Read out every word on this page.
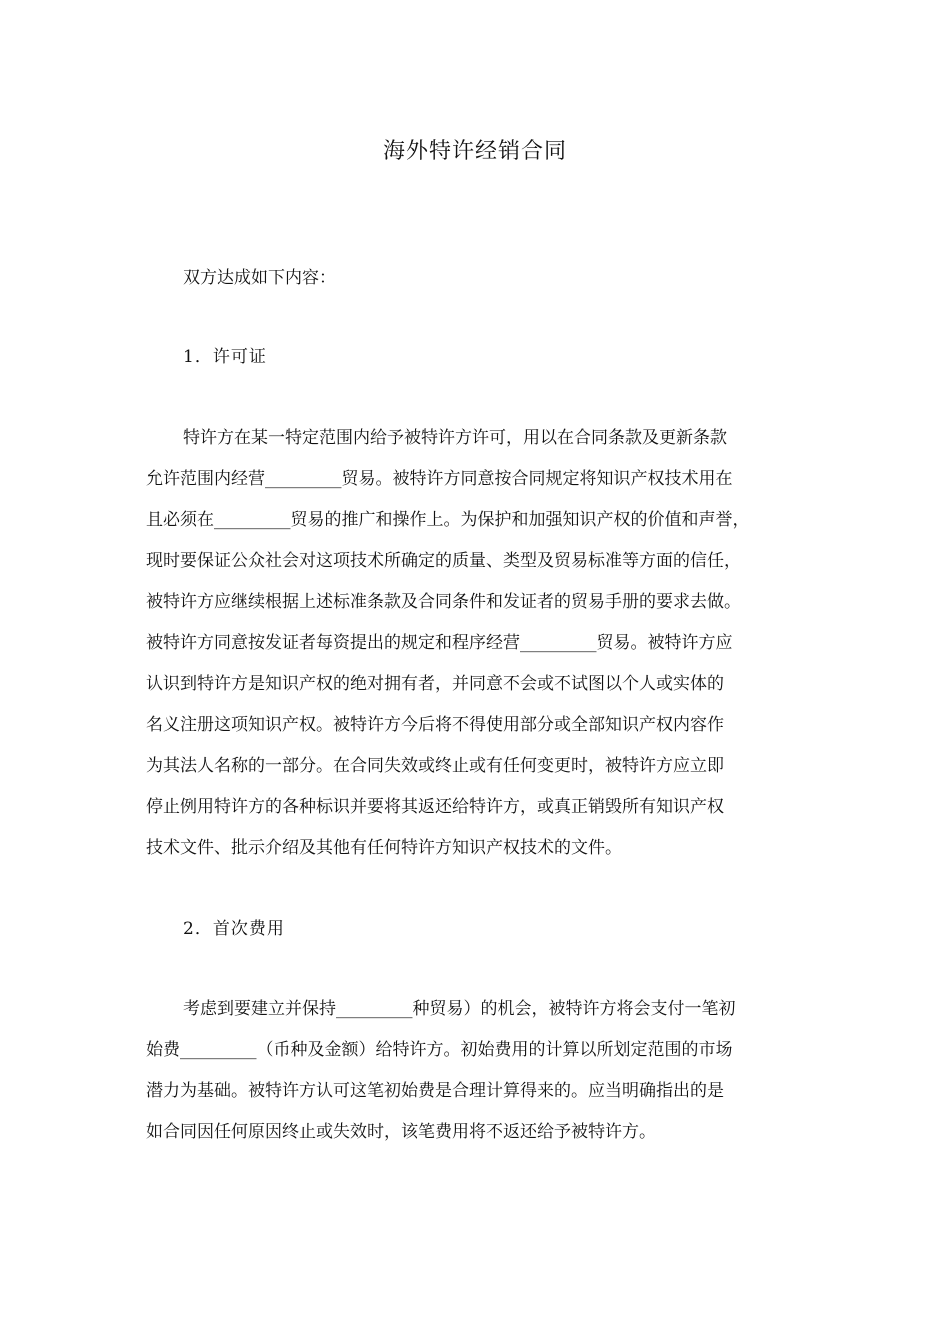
海外特许经销合同
双方达成如下内容：
1．许可证
特许方在某一特定范围内给予被特许方许可，用以在合同条款及更新条款
允许范围内经营_________贸易。被特许方同意按合同规定将知识产权技术用在
且必须在_________贸易的推广和操作上。为保护和加强知识产权的价值和声誉，
现时要保证公众社会对这项技术所确定的质量、类型及贸易标准等方面的信任，
被特许方应继续根据上述标准条款及合同条件和发证者的贸易手册的要求去做。
被特许方同意按发证者每资提出的规定和程序经营_________贸易。被特许方应
认识到特许方是知识产权的绝对拥有者，并同意不会或不试图以个人或实体的
名义注册这项知识产权。被特许方今后将不得使用部分或全部知识产权内容作
为其法人名称的一部分。在合同失效或终止或有任何变更时，被特许方应立即
停止例用特许方的各种标识并要将其返还给特许方，或真正销毁所有知识产权
技术文件、批示介绍及其他有任何特许方知识产权技术的文件。
2．首次费用
考虑到要建立并保持_________种贸易）的机会，被特许方将会支付一笔初
始费_________（币种及金额）给特许方。初始费用的计算以所划定范围的市场
潜力为基础。被特许方认可这笔初始费是合理计算得来的。应当明确指出的是
如合同因任何原因终止或失效时，该笔费用将不返还给予被特许方。
